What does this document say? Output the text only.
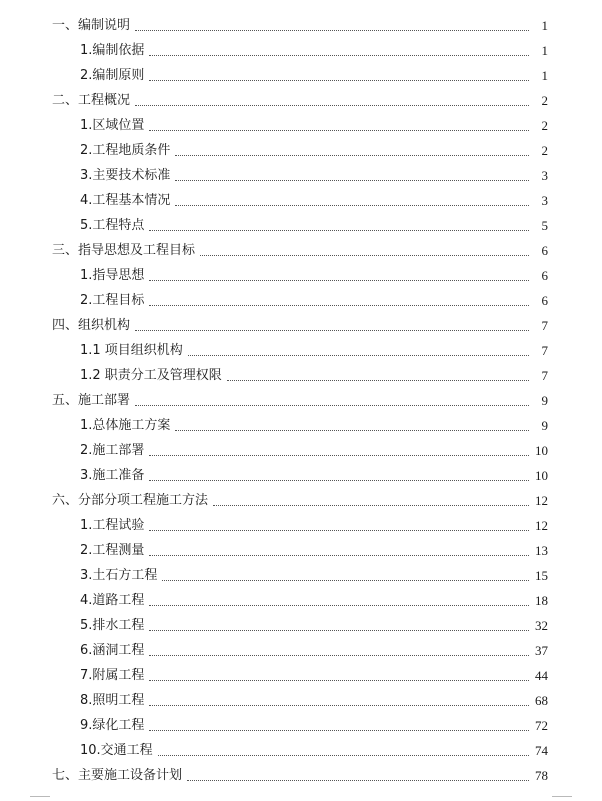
一、编制说明	1
1.编制依据	1
2.编制原则	1
二、工程概况	2
1.区域位置	2
2.工程地质条件	2
3.主要技术标准	3
4.工程基本情况	3
5.工程特点	5
三、指导思想及工程目标	6
1.指导思想	6
2.工程目标	6
四、组织机构	7
1.1 项目组织机构	7
1.2 职责分工及管理权限	7
五、施工部署	9
1.总体施工方案	9
2.施工部署	10
3.施工准备	10
六、分部分项工程施工方法	12
1.工程试验	12
2.工程测量	13
3.土石方工程	15
4.道路工程	18
5.排水工程	32
6.涵洞工程	37
7.附属工程	44
8.照明工程	68
9.绿化工程	72
10.交通工程	74
七、主要施工设备计划	78
